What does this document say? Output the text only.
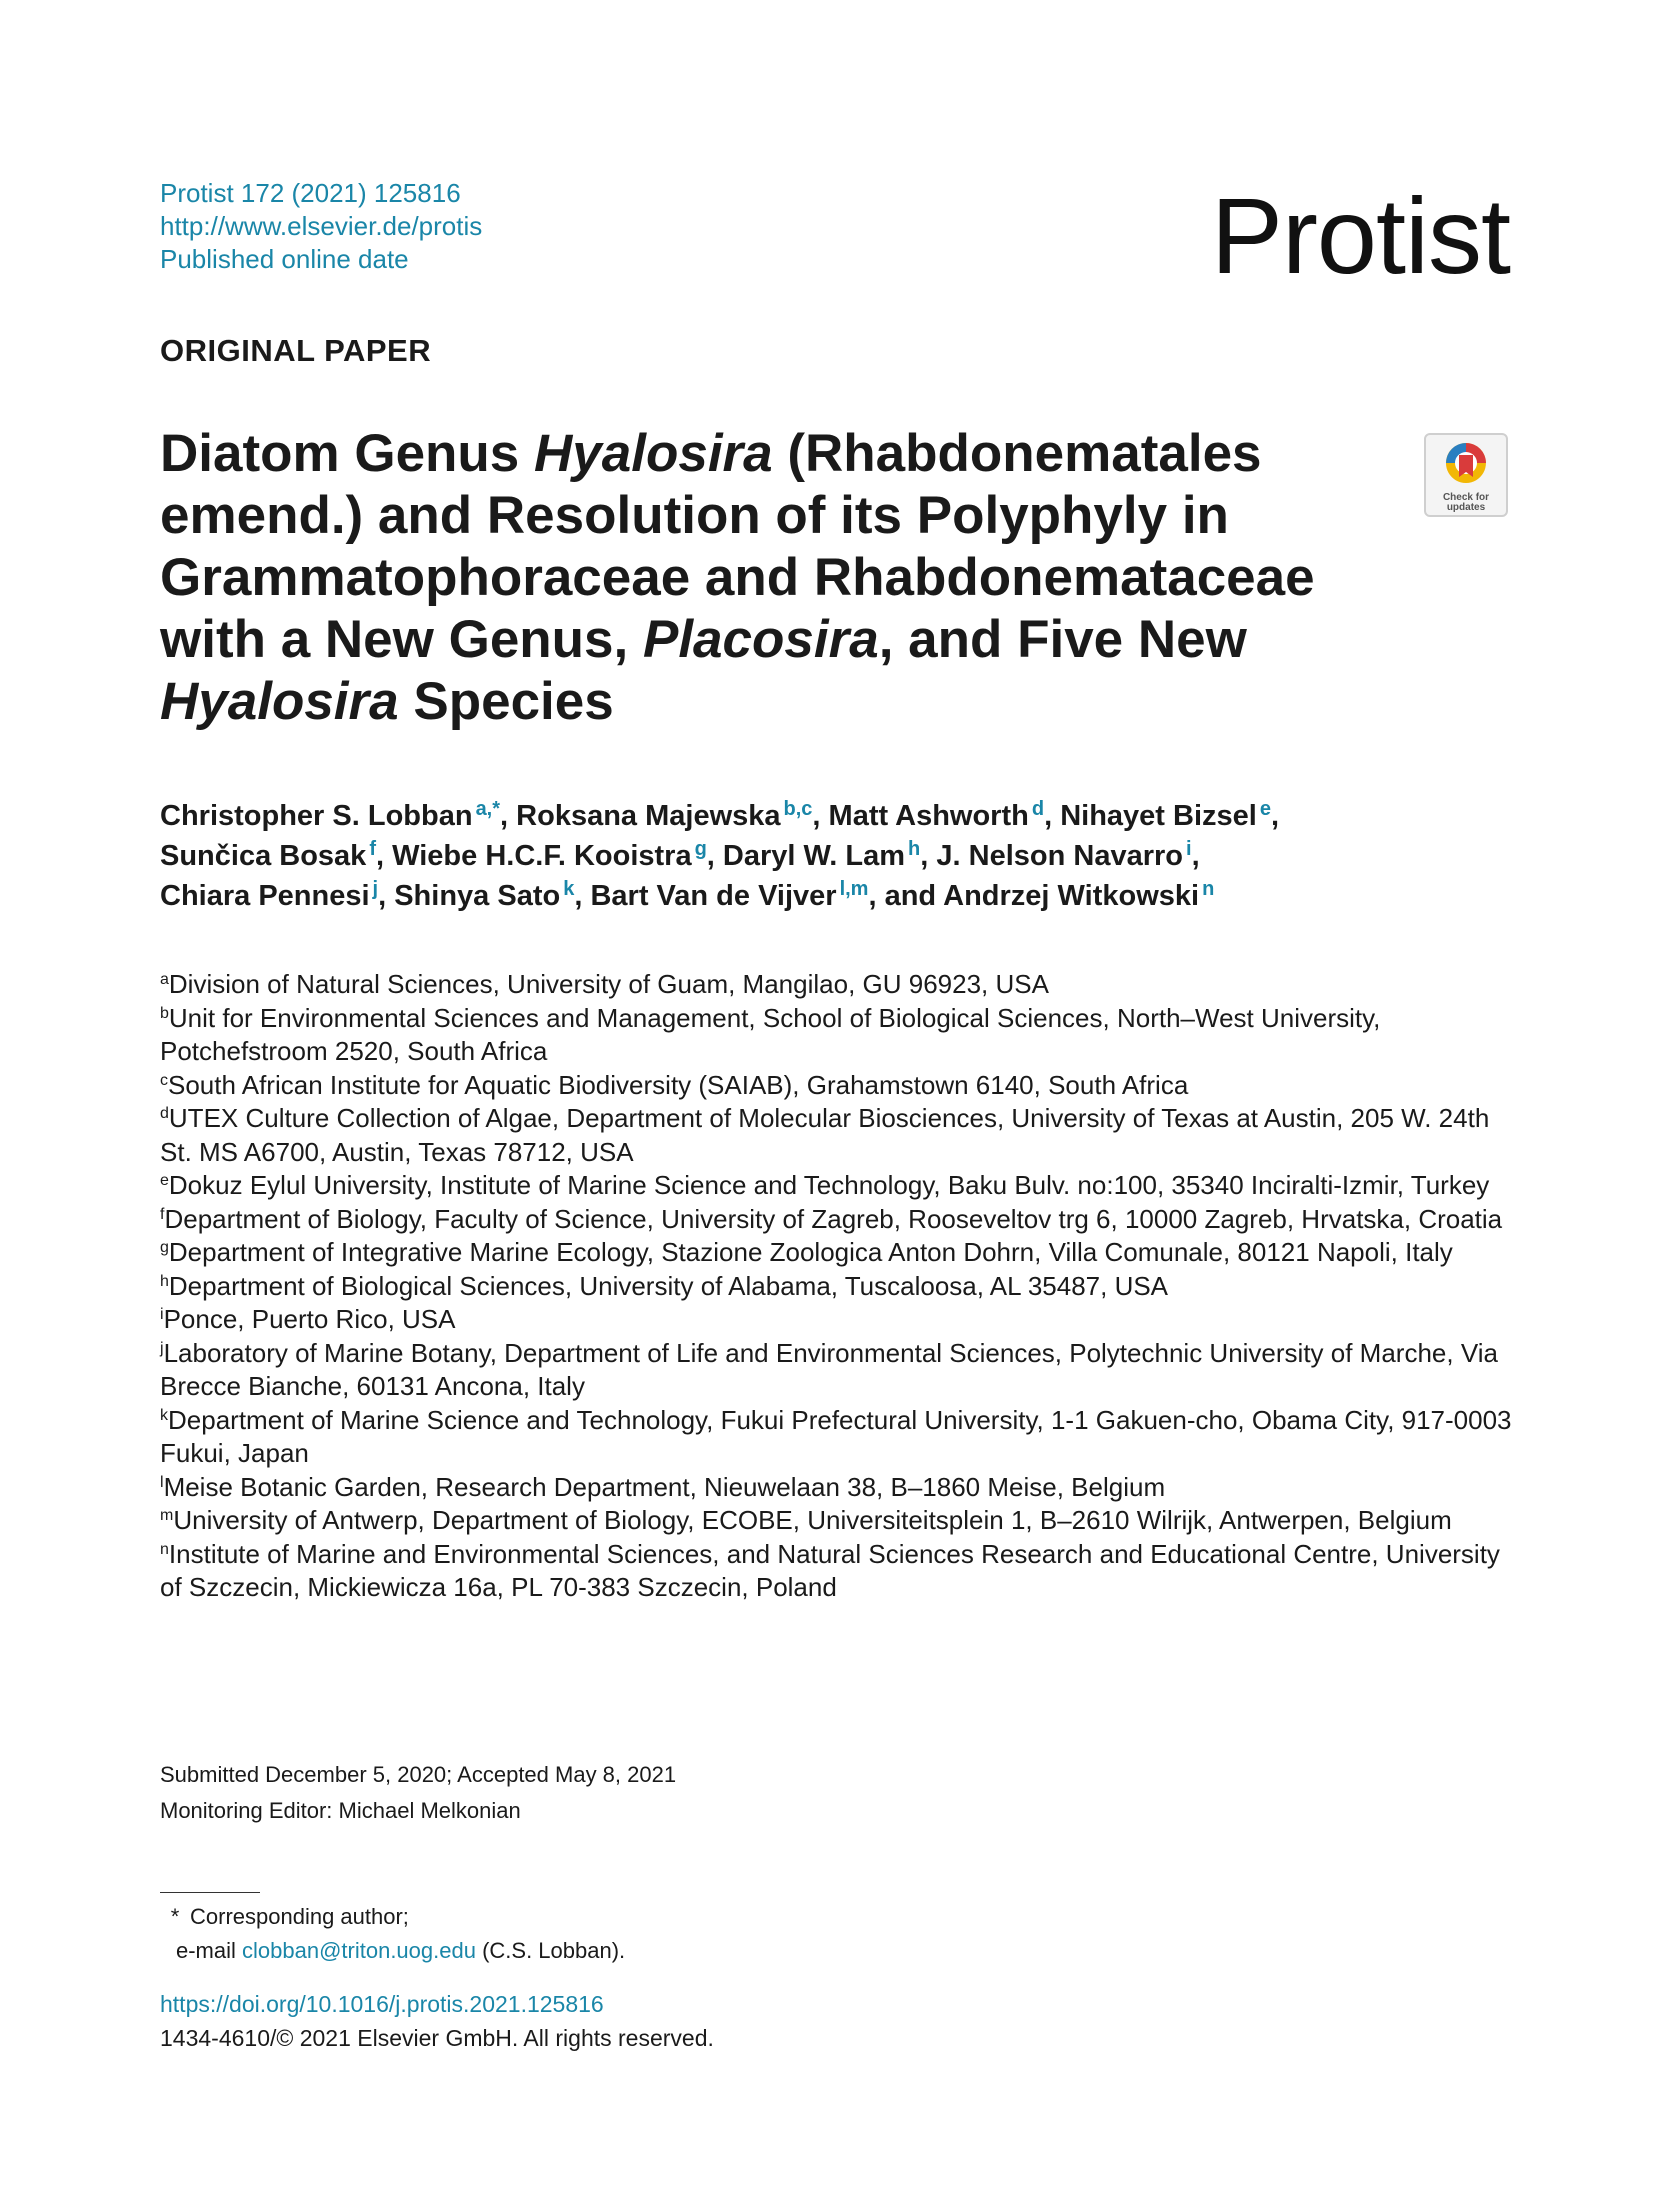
Protist 172 (2021) 125816
http://www.elsevier.de/protis
Published online date	Protist
ORIGINAL PAPER
Diatom Genus Hyalosira (Rhabdonematales emend.) and Resolution of its Polyphyly in Grammatophoraceae and Rhabdonemataceae with a New Genus, Placosira, and Five New Hyalosira Species
Check for updates
Christopher S. Lobban $^{a,*}$, Roksana Majewska $^{b,c}$, Matt Ashworth $^d$, Nihayet Bizsel $^e$,
Sunčica Bosak $^f$, Wiebe H.C.F. Kooistra $^g$, Daryl W. Lam $^h$, J. Nelson Navarro $^i$,
Chiara Pennesi $^j$, Shinya Sato $^k$, Bart Van de Vijver $^{l,m}$, and Andrzej Witkowski $^n$
$^a$Division of Natural Sciences, University of Guam, Mangilao, GU 96923, USA
$^b$Unit for Environmental Sciences and Management, School of Biological Sciences, North–West University, Potchefstroom 2520, South Africa
$^c$South African Institute for Aquatic Biodiversity (SAIAB), Grahamstown 6140, South Africa
$^d$UTEX Culture Collection of Algae, Department of Molecular Biosciences, University of Texas at Austin, 205 W. 24th St. MS A6700, Austin, Texas 78712, USA
$^e$Dokuz Eylul University, Institute of Marine Science and Technology, Baku Bulv. no:100, 35340 Inciralti-Izmir, Turkey
$^f$Department of Biology, Faculty of Science, University of Zagreb, Rooseveltov trg 6, 10000 Zagreb, Hrvatska, Croatia
$^g$Department of Integrative Marine Ecology, Stazione Zoologica Anton Dohrn, Villa Comunale, 80121 Napoli, Italy
$^h$Department of Biological Sciences, University of Alabama, Tuscaloosa, AL 35487, USA
$^i$Ponce, Puerto Rico, USA
$^j$Laboratory of Marine Botany, Department of Life and Environmental Sciences, Polytechnic University of Marche, Via Brecce Bianche, 60131 Ancona, Italy
$^k$Department of Marine Science and Technology, Fukui Prefectural University, 1-1 Gakuen-cho, Obama City, 917-0003 Fukui, Japan
$^l$Meise Botanic Garden, Research Department, Nieuwelaan 38, B–1860 Meise, Belgium
$^m$University of Antwerp, Department of Biology, ECOBE, Universiteitsplein 1, B–2610 Wilrijk, Antwerpen, Belgium
$^n$Institute of Marine and Environmental Sciences, and Natural Sciences Research and Educational Centre, University of Szczecin, Mickiewicza 16a, PL 70-383 Szczecin, Poland
Submitted December 5, 2020; Accepted May 8, 2021
Monitoring Editor: Michael Melkonian
* Corresponding author;
e-mail clobban@triton.uog.edu (C.S. Lobban).
https://doi.org/10.1016/j.protis.2021.125816
1434-4610/© 2021 Elsevier GmbH. All rights reserved.
